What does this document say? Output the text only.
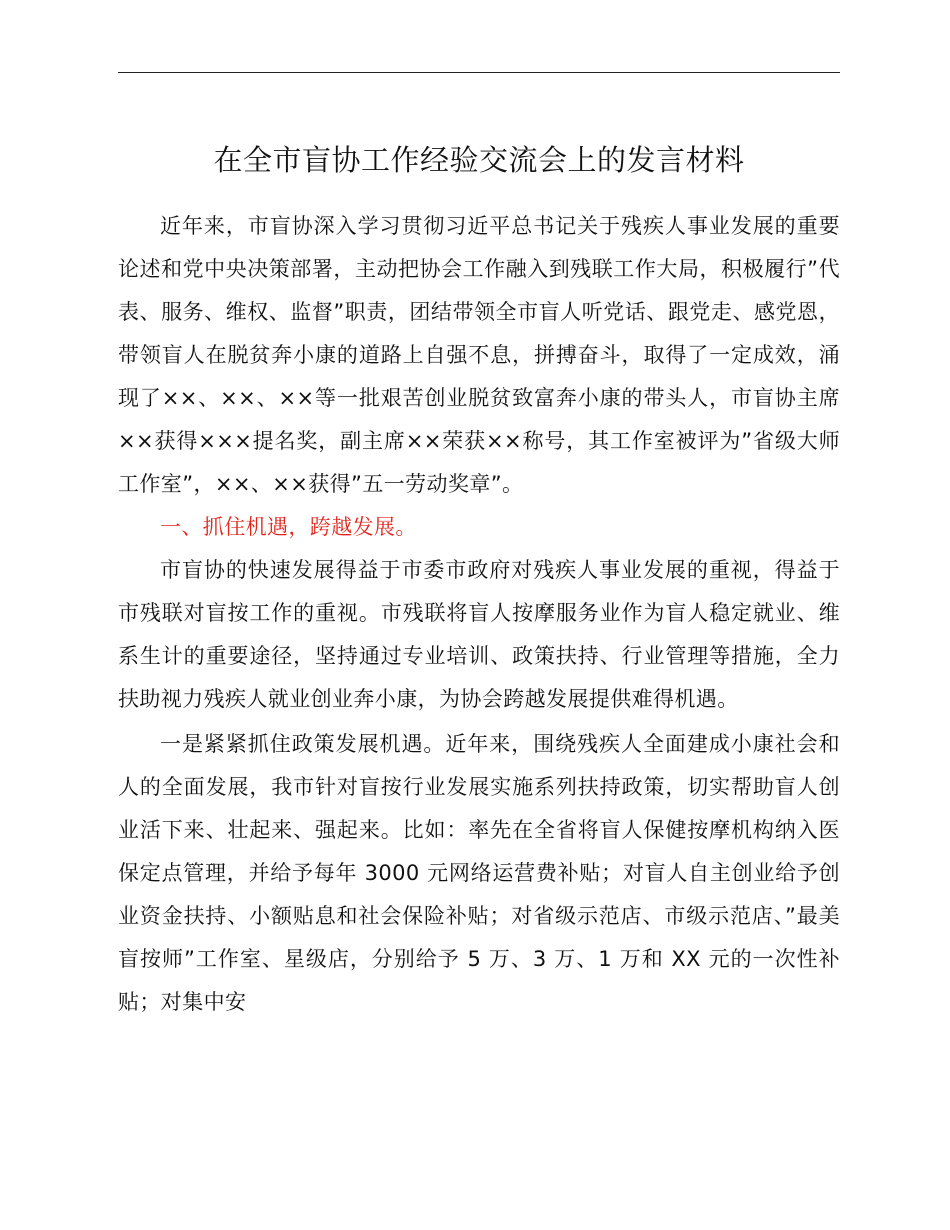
在全市盲协工作经验交流会上的发言材料

近年来，市盲协深入学习贯彻习近平总书记关于残疾人事业发展的重要论述和党中央决策部署，主动把协会工作融入到残联工作大局，积极履行”代表、服务、维权、监督”职责，团结带领全市盲人听党话、跟党走、感党恩，带领盲人在脱贫奔小康的道路上自强不息，拼搏奋斗，取得了一定成效，涌现了××、××、××等一批艰苦创业脱贫致富奔小康的带头人，市盲协主席××获得×××提名奖，副主席××荣获××称号，其工作室被评为”省级大师工作室”，××、××获得”五一劳动奖章”。

一、抓住机遇，跨越发展。

市盲协的快速发展得益于市委市政府对残疾人事业发展的重视，得益于市残联对盲按工作的重视。市残联将盲人按摩服务业作为盲人稳定就业、维系生计的重要途径，坚持通过专业培训、政策扶持、行业管理等措施，全力扶助视力残疾人就业创业奔小康，为协会跨越发展提供难得机遇。

一是紧紧抓住政策发展机遇。近年来，围绕残疾人全面建成小康社会和人的全面发展，我市针对盲按行业发展实施系列扶持政策，切实帮助盲人创业活下来、壮起来、强起来。比如：率先在全省将盲人保健按摩机构纳入医保定点管理，并给予每年 3000 元网络运营费补贴；对盲人自主创业给予创业资金扶持、小额贴息和社会保险补贴；对省级示范店、市级示范店、”最美盲按师”工作室、星级店，分别给予 5 万、3 万、1 万和 XX 元的一次性补贴；对集中安
